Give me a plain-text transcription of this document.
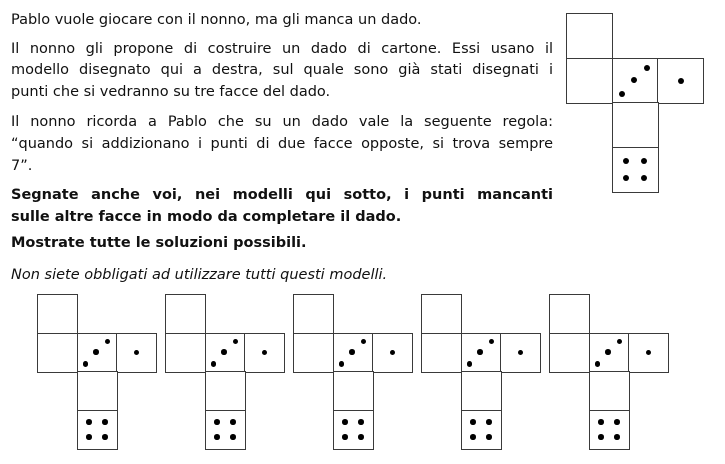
Pablo vuole giocare con il nonno, ma gli manca un dado.
Il nonno gli propone di costruire un dado di cartone. Essi usano il
modello disegnato qui a destra, sul quale sono già stati disegnati i
punti che si vedranno su tre facce del dado.
Il nonno ricorda a Pablo che su un dado vale la seguente regola:
“quando si addizionano i punti di due facce opposte, si trova sempre
7”.
Segnate anche voi, nei modelli qui sotto, i punti mancanti
sulle altre facce in modo da completare il dado.
Mostrate tutte le soluzioni possibili.
Non siete obbligati ad utilizzare tutti questi modelli.
